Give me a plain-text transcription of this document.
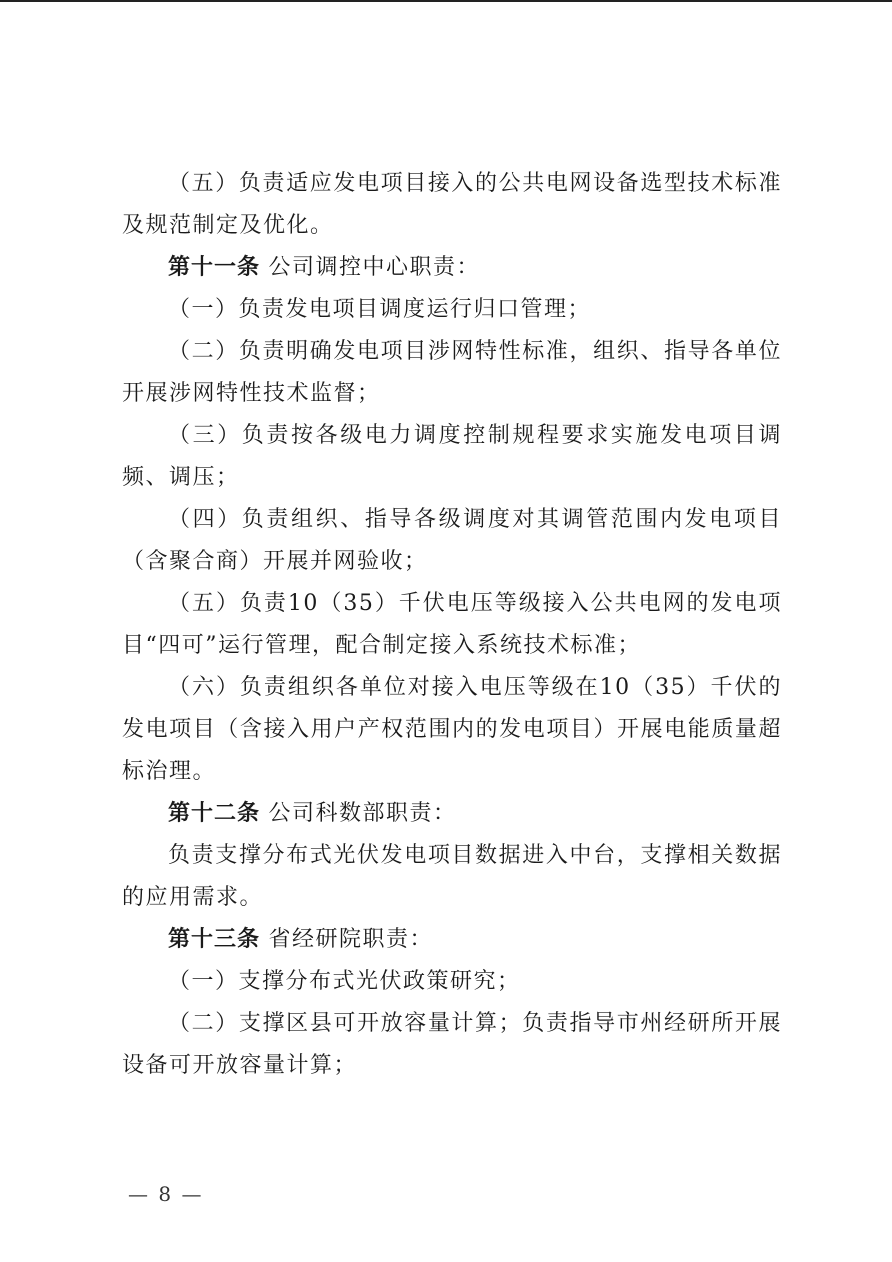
（五）负责适应发电项目接入的公共电网设备选型技术标准及规范制定及优化。

第十一条 公司调控中心职责：

（一）负责发电项目调度运行归口管理；

（二）负责明确发电项目涉网特性标准，组织、指导各单位开展涉网特性技术监督；

（三）负责按各级电力调度控制规程要求实施发电项目调频、调压；

（四）负责组织、指导各级调度对其调管范围内发电项目（含聚合商）开展并网验收；

（五）负责10（35）千伏电压等级接入公共电网的发电项目“四可”运行管理，配合制定接入系统技术标准；

（六）负责组织各单位对接入电压等级在10（35）千伏的发电项目（含接入用户产权范围内的发电项目）开展电能质量超标治理。

第十二条 公司科数部职责：

负责支撑分布式光伏发电项目数据进入中台，支撑相关数据的应用需求。

第十三条 省经研院职责：

（一）支撑分布式光伏政策研究；

（二）支撑区县可开放容量计算；负责指导市州经研所开展设备可开放容量计算；

— 8 —
